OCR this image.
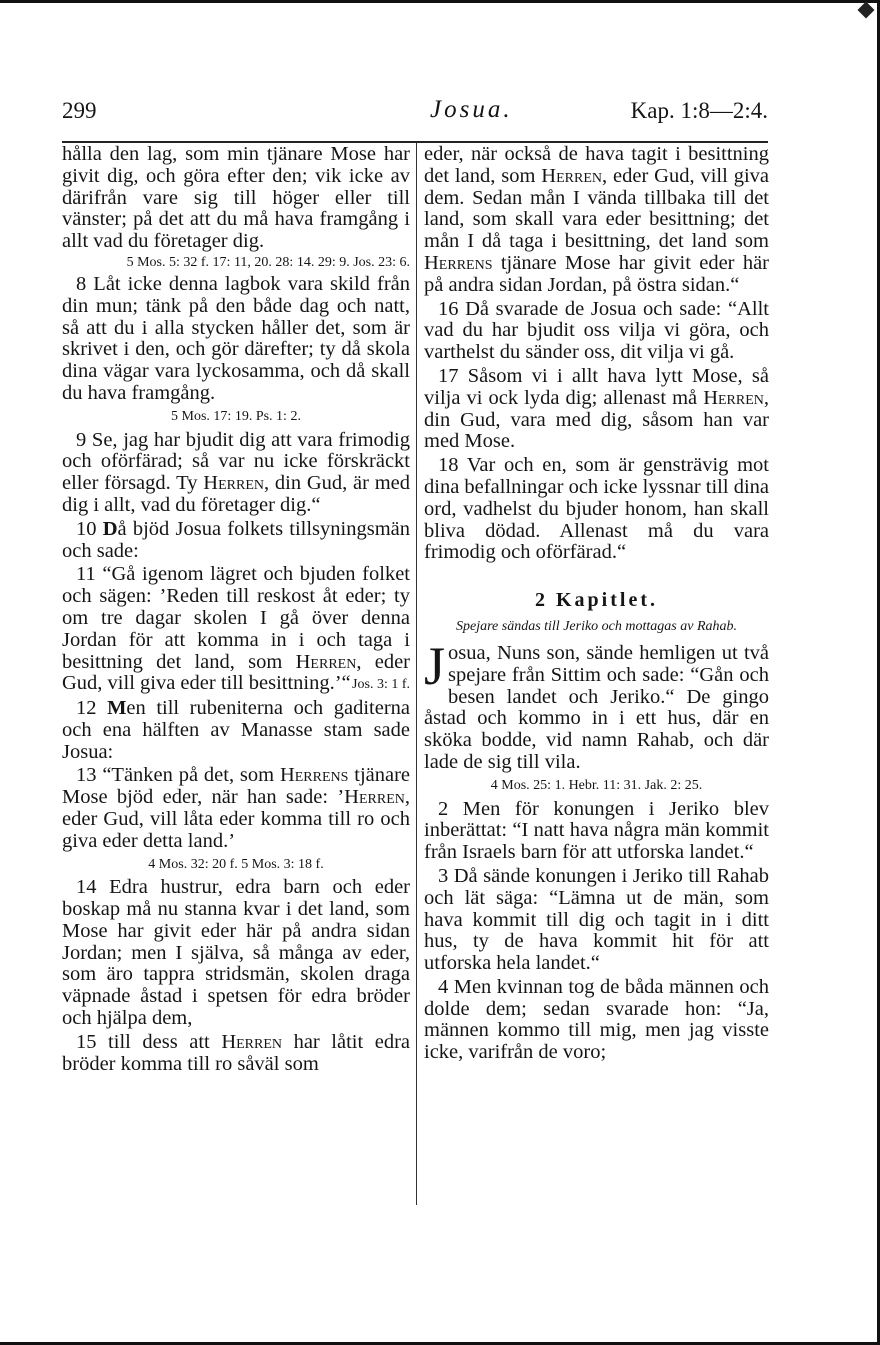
299	Josua.	Kap. 1:8—2:4.

hålla den lag, som min tjänare Mose har givit dig, och göra efter den; vik icke av därifrån vare sig till höger eller till vänster; på det att du må hava framgång i allt vad du företager dig.

5 Mos. 5: 32 f. 17: 11, 20. 28: 14. 29: 9. Jos. 23: 6.

8 Låt icke denna lagbok vara skild från din mun; tänk på den både dag och natt, så att du i alla stycken håller det, som är skrivet i den, och gör därefter; ty då skola dina vägar vara lyckosamma, och då skall du hava framgång.

5 Mos. 17: 19. Ps. 1: 2.

9 Se, jag har bjudit dig att vara frimodig och oförfärad; så var nu icke förskräckt eller försagd. Ty Herren, din Gud, är med dig i allt, vad du företager dig.“

10 Då bjöd Josua folkets tillsyningsmän och sade:

11 “Gå igenom lägret och bjuden folket och sägen: ’Reden till reskost åt eder; ty om tre dagar skolen I gå över denna Jordan för att komma in i och taga i besittning det land, som Herren, eder Gud, vill giva eder till besittning.’“ Jos. 3: 1 f.

12 Men till rubeniterna och gaditerna och ena hälften av Manasse stam sade Josua:

13 “Tänken på det, som Herrens tjänare Mose bjöd eder, när han sade: ’Herren, eder Gud, vill låta eder komma till ro och giva eder detta land.’

4 Mos. 32: 20 f. 5 Mos. 3: 18 f.

14 Edra hustrur, edra barn och eder boskap må nu stanna kvar i det land, som Mose har givit eder här på andra sidan Jordan; men I själva, så många av eder, som äro tappra stridsmän, skolen draga väpnade åstad i spetsen för edra bröder och hjälpa dem,

15 till dess att Herren har låtit edra bröder komma till ro såväl som

eder, när också de hava tagit i besittning det land, som Herren, eder Gud, vill giva dem. Sedan mån I vända tillbaka till det land, som skall vara eder besittning; det mån I då taga i besittning, det land som Herrens tjänare Mose har givit eder här på andra sidan Jordan, på östra sidan.“

16 Då svarade de Josua och sade: “Allt vad du har bjudit oss vilja vi göra, och varthelst du sänder oss, dit vilja vi gå.

17 Såsom vi i allt hava lytt Mose, så vilja vi ock lyda dig; allenast må Herren, din Gud, vara med dig, såsom han var med Mose.

18 Var och en, som är gensträvig mot dina befallningar och icke lyssnar till dina ord, vadhelst du bjuder honom, han skall bliva dödad. Allenast må du vara frimodig och oförfärad.“

2 Kapitlet.
Spejare sändas till Jeriko och mottagas av Rahab.

Josua, Nuns son, sände hemligen ut två spejare från Sittim och sade: “Gån och besen landet och Jeriko.“ De gingo åstad och kommo in i ett hus, där en sköka bodde, vid namn Rahab, och där lade de sig till vila.

4 Mos. 25: 1. Hebr. 11: 31. Jak. 2: 25.

2 Men för konungen i Jeriko blev inberättat: “I natt hava några män kommit från Israels barn för att utforska landet.“

3 Då sände konungen i Jeriko till Rahab och lät säga: “Lämna ut de män, som hava kommit till dig och tagit in i ditt hus, ty de hava kommit hit för att utforska hela landet.“

4 Men kvinnan tog de båda männen och dolde dem; sedan svarade hon: “Ja, männen kommo till mig, men jag visste icke, varifrån de voro;
